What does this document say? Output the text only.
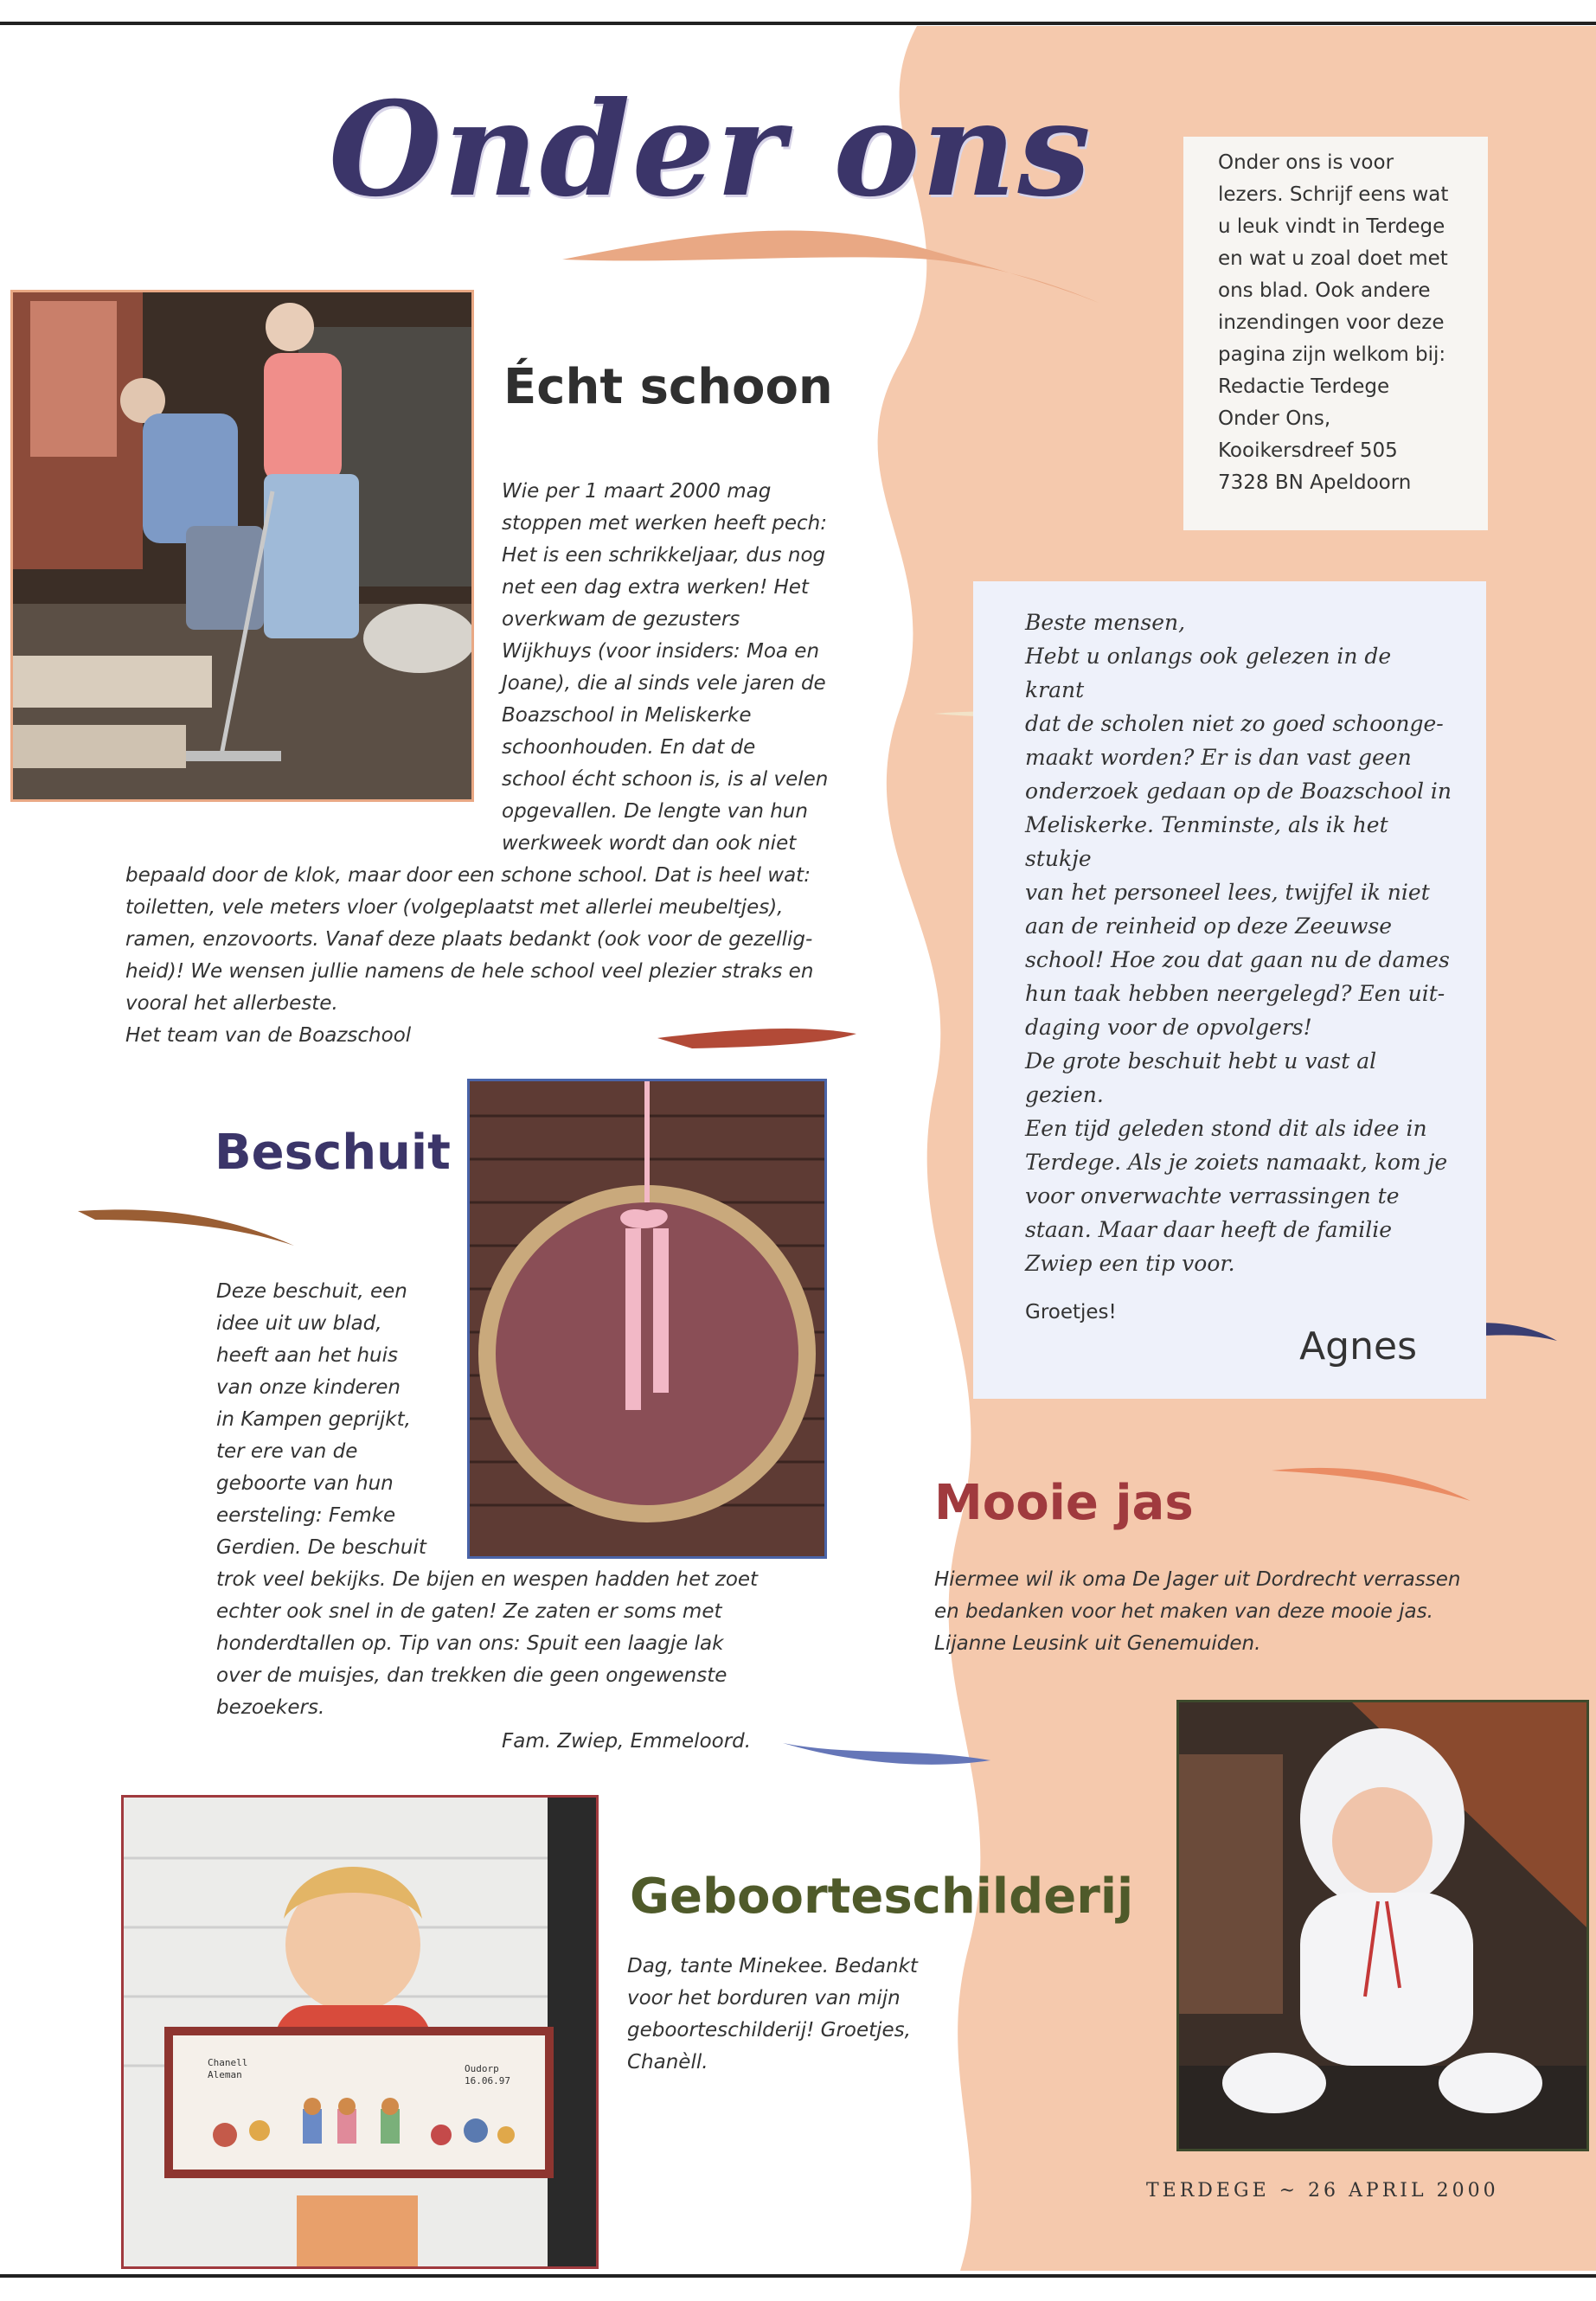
Onder ons	Onder ons is voor
lezers. Schrijf eens wat
u leuk vindt in Terdege
en wat u zoal doet met
ons blad. Ook andere
inzendingen voor deze
pagina zijn welkom bij:
Redactie Terdege
Onder Ons,
Kooikersdreef 505
7328 BN Apeldoorn
Écht schoon
Wie per 1 maart 2000 mag
stoppen met werken heeft pech:
Het is een schrikkeljaar, dus nog
net een dag extra werken! Het
overkwam de gezusters
Wijkhuys (voor insiders: Moa en
Joane), die al sinds vele jaren de
Boazschool in Meliskerke
schoonhouden. En dat de
school écht schoon is, is al velen
opgevallen. De lengte van hun
werkweek wordt dan ook niet
bepaald door de klok, maar door een schone school. Dat is heel wat:
toiletten, vele meters vloer (volgeplaatst met allerlei meubeltjes),
ramen, enzovoorts. Vanaf deze plaats bedankt (ook voor de gezellig-
heid)! We wensen jullie namens de hele school veel plezier straks en
vooral het allerbeste.
Het team van de Boazschool
Beste mensen,
Hebt u onlangs ook gelezen in de krant
dat de scholen niet zo goed schoonge-
maakt worden? Er is dan vast geen
onderzoek gedaan op de Boazschool in
Meliskerke. Tenminste, als ik het stukje
van het personeel lees, twijfel ik niet
aan de reinheid op deze Zeeuwse
school! Hoe zou dat gaan nu de dames
hun taak hebben neergelegd? Een uit-
daging voor de opvolgers!
De grote beschuit hebt u vast al gezien.
Een tijd geleden stond dit als idee in
Terdege. Als je zoiets namaakt, kom je
voor onverwachte verrassingen te
staan. Maar daar heeft de familie
Zwiep een tip voor.
Groetjes!
Agnes
Beschuit
Deze beschuit, een
idee uit uw blad,
heeft aan het huis
van onze kinderen
in Kampen geprijkt,
ter ere van de
geboorte van hun
eersteling: Femke
Gerdien. De beschuit
trok veel bekijks. De bijen en wespen hadden het zoet
echter ook snel in de gaten! Ze zaten er soms met
honderdtallen op. Tip van ons: Spuit een laagje lak
over de muisjes, dan trekken die geen ongewenste
bezoekers.
Fam. Zwiep, Emmeloord.
Mooie jas
Hiermee wil ik oma De Jager uit Dordrecht verrassen
en bedanken voor het maken van deze mooie jas.
Lijanne Leusink uit Genemuiden.
Chanell
Aleman
Oudorp
16.06.97
Geboorteschilderij
Dag, tante Minekee. Bedankt
voor het borduren van mijn
geboorteschilderij! Groetjes,
Chanèll.
TERDEGE ~ 26 APRIL 2000
